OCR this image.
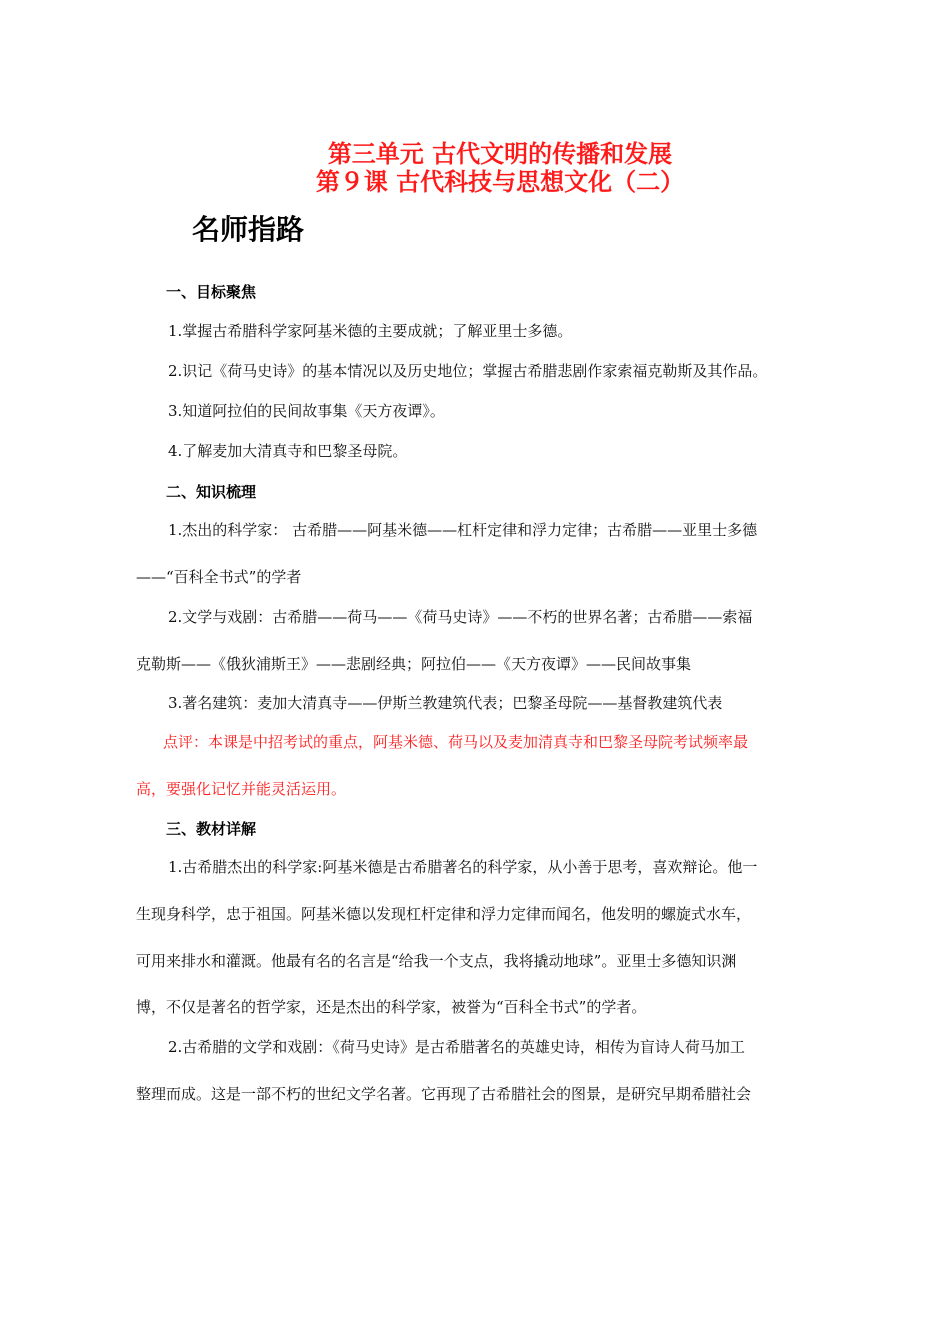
第三单元 古代文明的传播和发展
第９课 古代科技与思想文化（二）
名师指路
一、目标聚焦
1.掌握古希腊科学家阿基米德的主要成就；了解亚里士多德。
2.识记《荷马史诗》的基本情况以及历史地位；掌握古希腊悲剧作家索福克勒斯及其作品。
3.知道阿拉伯的民间故事集《天方夜谭》。
4.了解麦加大清真寺和巴黎圣母院。
二、知识梳理
1.杰出的科学家： 古希腊——阿基米德——杠杆定律和浮力定律；古希腊——亚里士多德
——“百科全书式”的学者
2.文学与戏剧：古希腊——荷马——《荷马史诗》——不朽的世界名著；古希腊——索福
克勒斯——《俄狄浦斯王》——悲剧经典；阿拉伯——《天方夜谭》——民间故事集
3.著名建筑：麦加大清真寺——伊斯兰教建筑代表；巴黎圣母院——基督教建筑代表
点评：本课是中招考试的重点，阿基米德、荷马以及麦加清真寺和巴黎圣母院考试频率最
高，要强化记忆并能灵活运用。
三、教材详解
1.古希腊杰出的科学家:阿基米德是古希腊著名的科学家，从小善于思考，喜欢辩论。他一
生现身科学，忠于祖国。阿基米德以发现杠杆定律和浮力定律而闻名，他发明的螺旋式水车，
可用来排水和灌溉。他最有名的名言是“给我一个支点，我将撬动地球”。亚里士多德知识渊
博，不仅是著名的哲学家，还是杰出的科学家，被誉为“百科全书式”的学者。
2.古希腊的文学和戏剧：《荷马史诗》是古希腊著名的英雄史诗，相传为盲诗人荷马加工
整理而成。这是一部不朽的世纪文学名著。它再现了古希腊社会的图景，是研究早期希腊社会
